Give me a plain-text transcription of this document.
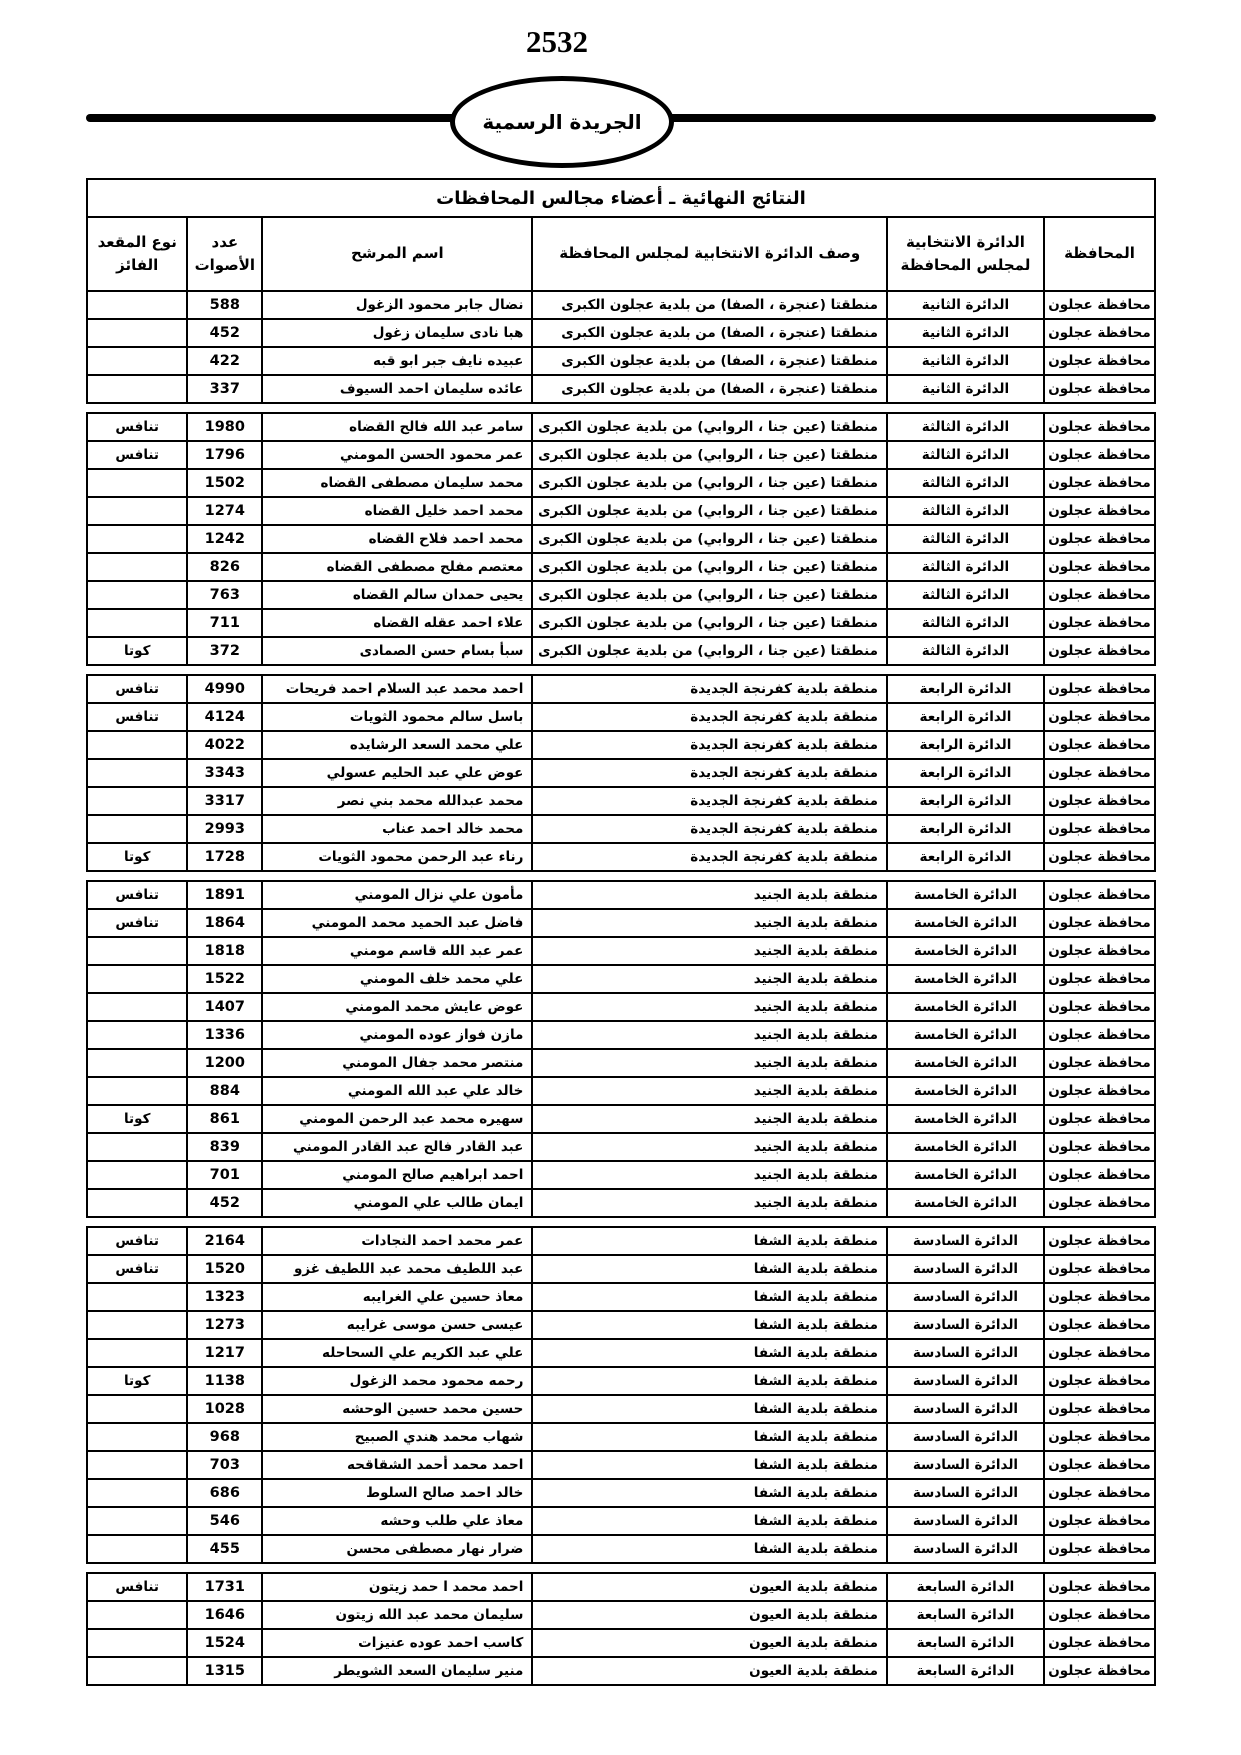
2532
الجريدة الرسمية
النتائج النهائية ـ أعضاء مجالس المحافظات
المحافظة	الدائرة الانتخابية لمجلس المحافظة	وصف الدائرة الانتخابية لمجلس المحافظة	اسم المرشح	عدد الأصوات	نوع المقعد الفائز
محافظة عجلون	الدائرة الثانية	منطقتا (عنجرة ، الصفا) من بلدية عجلون الكبرى	نضال جابر محمود الزغول	588	
محافظة عجلون	الدائرة الثانية	منطقتا (عنجرة ، الصفا) من بلدية عجلون الكبرى	هبا نادى سليمان زغول	452	
محافظة عجلون	الدائرة الثانية	منطقتا (عنجرة ، الصفا) من بلدية عجلون الكبرى	عبيده نايف جبر ابو قبه	422	
محافظة عجلون	الدائرة الثانية	منطقتا (عنجرة ، الصفا) من بلدية عجلون الكبرى	عائده سليمان احمد السيوف	337	
محافظة عجلون	الدائرة الثالثة	منطقتا (عين جنا ، الروابي) من بلدية عجلون الكبرى	سامر عبد الله فالح القضاه	1980	تنافس
محافظة عجلون	الدائرة الثالثة	منطقتا (عين جنا ، الروابي) من بلدية عجلون الكبرى	عمر محمود الحسن المومني	1796	تنافس
محافظة عجلون	الدائرة الثالثة	منطقتا (عين جنا ، الروابي) من بلدية عجلون الكبرى	محمد سليمان مصطفى القضاه	1502	
محافظة عجلون	الدائرة الثالثة	منطقتا (عين جنا ، الروابي) من بلدية عجلون الكبرى	محمد احمد خليل القضاه	1274	
محافظة عجلون	الدائرة الثالثة	منطقتا (عين جنا ، الروابي) من بلدية عجلون الكبرى	محمد احمد فلاح القضاه	1242	
محافظة عجلون	الدائرة الثالثة	منطقتا (عين جنا ، الروابي) من بلدية عجلون الكبرى	معتصم مفلح مصطفى القضاه	826	
محافظة عجلون	الدائرة الثالثة	منطقتا (عين جنا ، الروابي) من بلدية عجلون الكبرى	يحيى حمدان سالم القضاه	763	
محافظة عجلون	الدائرة الثالثة	منطقتا (عين جنا ، الروابي) من بلدية عجلون الكبرى	علاء احمد عقله القضاه	711	
محافظة عجلون	الدائرة الثالثة	منطقتا (عين جنا ، الروابي) من بلدية عجلون الكبرى	سبأ بسام حسن الصمادى	372	كوتا
محافظة عجلون	الدائرة الرابعة	منطقة بلدية كفرنجة الجديدة	احمد محمد عبد السلام احمد فريحات	4990	تنافس
محافظة عجلون	الدائرة الرابعة	منطقة بلدية كفرنجة الجديدة	باسل سالم محمود الثويات	4124	تنافس
محافظة عجلون	الدائرة الرابعة	منطقة بلدية كفرنجة الجديدة	علي محمد السعد الرشايده	4022	
محافظة عجلون	الدائرة الرابعة	منطقة بلدية كفرنجة الجديدة	عوض علي عبد الحليم عسولي	3343	
محافظة عجلون	الدائرة الرابعة	منطقة بلدية كفرنجة الجديدة	محمد عبدالله محمد بني نصر	3317	
محافظة عجلون	الدائرة الرابعة	منطقة بلدية كفرنجة الجديدة	محمد خالد احمد عناب	2993	
محافظة عجلون	الدائرة الرابعة	منطقة بلدية كفرنجة الجديدة	رناء عبد الرحمن محمود الثويات	1728	كوتا
محافظة عجلون	الدائرة الخامسة	منطقة بلدية الجنيد	مأمون علي نزال المومني	1891	تنافس
محافظة عجلون	الدائرة الخامسة	منطقة بلدية الجنيد	فاضل عبد الحميد محمد المومني	1864	تنافس
محافظة عجلون	الدائرة الخامسة	منطقة بلدية الجنيد	عمر عبد الله قاسم مومني	1818	
محافظة عجلون	الدائرة الخامسة	منطقة بلدية الجنيد	علي محمد خلف المومني	1522	
محافظة عجلون	الدائرة الخامسة	منطقة بلدية الجنيد	عوض عايش محمد المومني	1407	
محافظة عجلون	الدائرة الخامسة	منطقة بلدية الجنيد	مازن فواز عوده المومني	1336	
محافظة عجلون	الدائرة الخامسة	منطقة بلدية الجنيد	منتصر محمد جفال المومني	1200	
محافظة عجلون	الدائرة الخامسة	منطقة بلدية الجنيد	خالد علي عبد الله المومني	884	
محافظة عجلون	الدائرة الخامسة	منطقة بلدية الجنيد	سهيره محمد عبد الرحمن المومني	861	كوتا
محافظة عجلون	الدائرة الخامسة	منطقة بلدية الجنيد	عبد القادر فالح عبد القادر المومني	839	
محافظة عجلون	الدائرة الخامسة	منطقة بلدية الجنيد	احمد ابراهيم صالح المومني	701	
محافظة عجلون	الدائرة الخامسة	منطقة بلدية الجنيد	ايمان طالب علي المومني	452	
محافظة عجلون	الدائرة السادسة	منطقة بلدية الشفا	عمر محمد احمد النجادات	2164	تنافس
محافظة عجلون	الدائرة السادسة	منطقة بلدية الشفا	عبد اللطيف محمد عبد اللطيف غزو	1520	تنافس
محافظة عجلون	الدائرة السادسة	منطقة بلدية الشفا	معاذ حسين علي الغرايبه	1323	
محافظة عجلون	الدائرة السادسة	منطقة بلدية الشفا	عيسى حسن موسى غرايبه	1273	
محافظة عجلون	الدائرة السادسة	منطقة بلدية الشفا	علي عبد الكريم علي السحاحله	1217	
محافظة عجلون	الدائرة السادسة	منطقة بلدية الشفا	رحمه محمود محمد الزغول	1138	كوتا
محافظة عجلون	الدائرة السادسة	منطقة بلدية الشفا	حسين محمد حسين الوحشه	1028	
محافظة عجلون	الدائرة السادسة	منطقة بلدية الشفا	شهاب محمد هندي الصبيح	968	
محافظة عجلون	الدائرة السادسة	منطقة بلدية الشفا	احمد محمد أحمد الشقاقحه	703	
محافظة عجلون	الدائرة السادسة	منطقة بلدية الشفا	خالد احمد صالح السلوط	686	
محافظة عجلون	الدائرة السادسة	منطقة بلدية الشفا	معاذ علي طلب وحشه	546	
محافظة عجلون	الدائرة السادسة	منطقة بلدية الشفا	ضرار نهار مصطفى محسن	455	
محافظة عجلون	الدائرة السابعة	منطقة بلدية العيون	احمد محمد ا حمد زيتون	1731	تنافس
محافظة عجلون	الدائرة السابعة	منطقة بلدية العيون	سليمان محمد عبد الله زيتون	1646	
محافظة عجلون	الدائرة السابعة	منطقة بلدية العيون	كاسب احمد عوده عنيزات	1524	
محافظة عجلون	الدائرة السابعة	منطقة بلدية العيون	منير سليمان السعد الشويطر	1315	
